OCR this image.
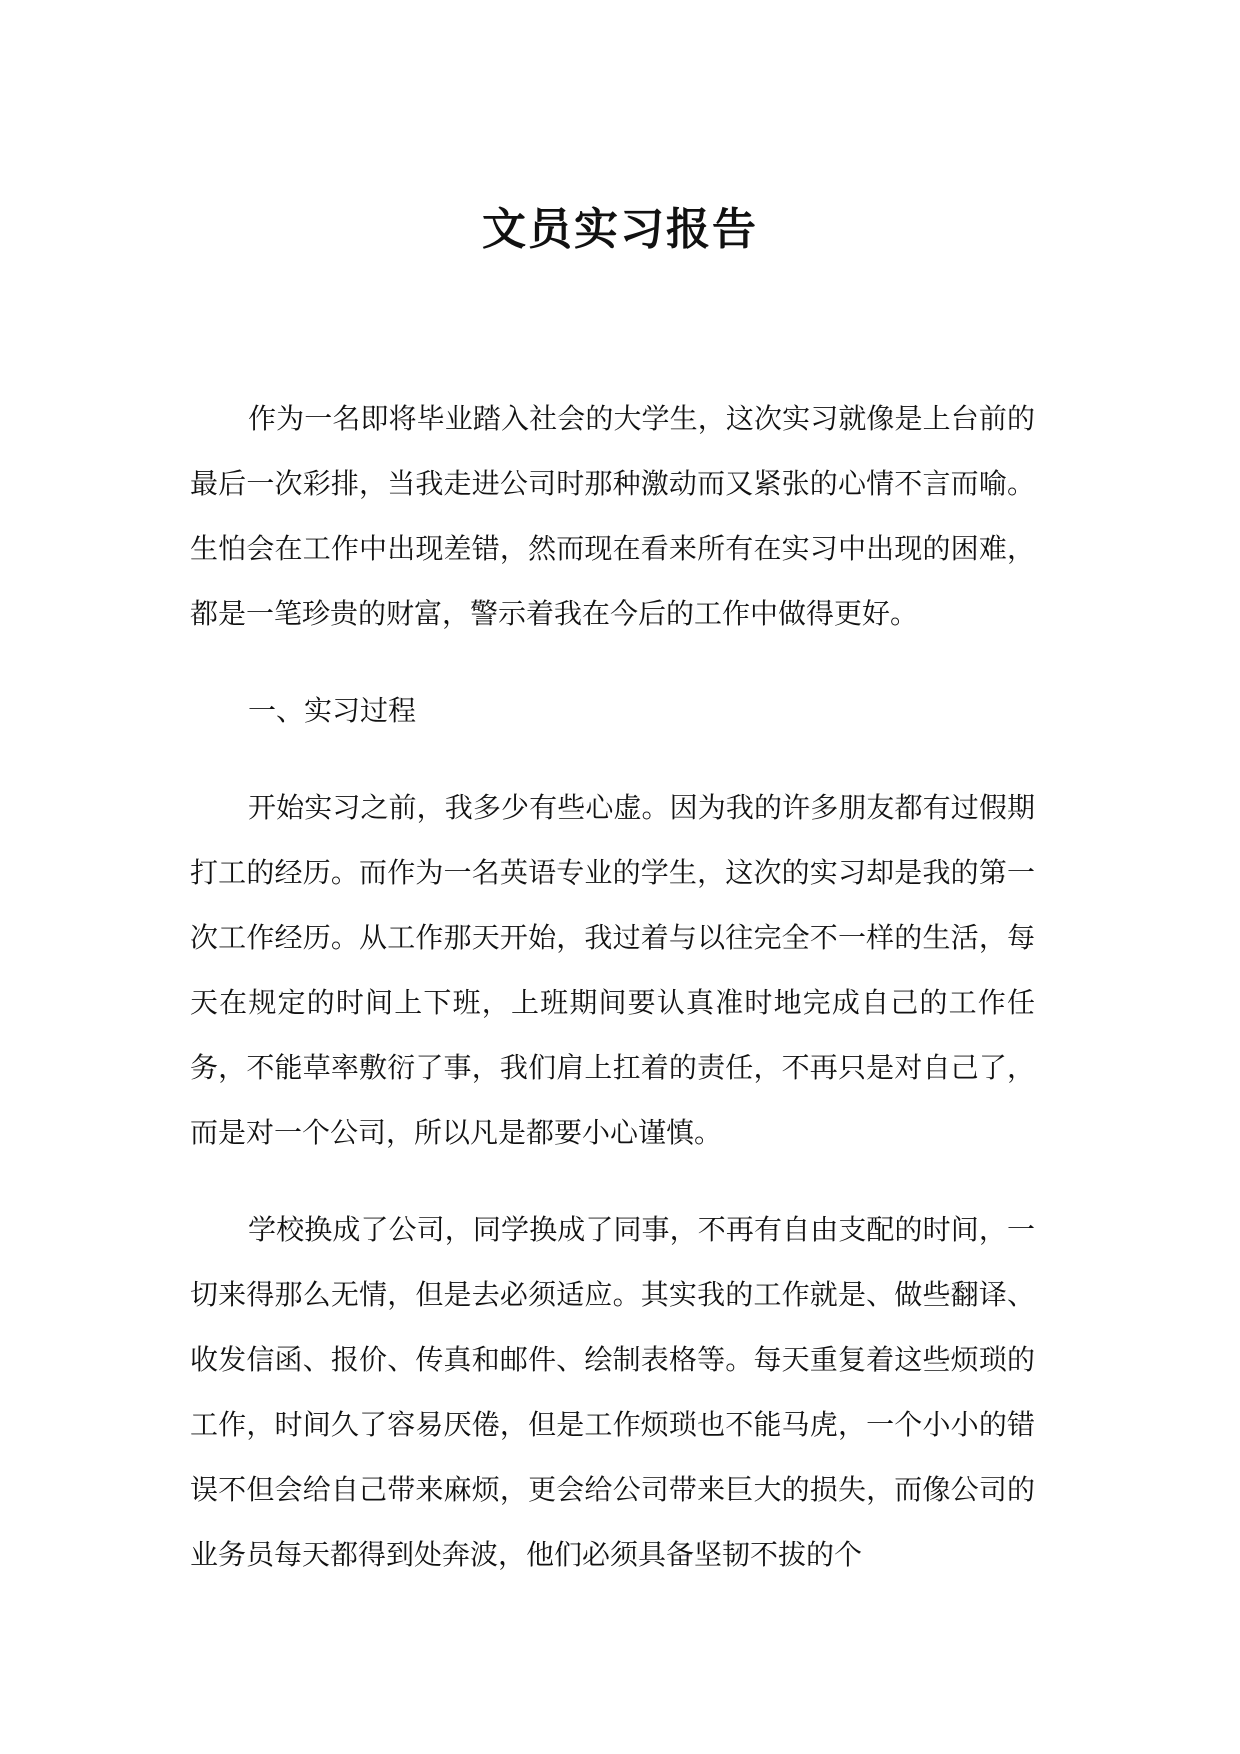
文员实习报告

作为一名即将毕业踏入社会的大学生，这次实习就像是上台前的最后一次彩排，当我走进公司时那种激动而又紧张的心情不言而喻。生怕会在工作中出现差错，然而现在看来所有在实习中出现的困难，都是一笔珍贵的财富，警示着我在今后的工作中做得更好。

一、实习过程

开始实习之前，我多少有些心虚。因为我的许多朋友都有过假期打工的经历。而作为一名英语专业的学生，这次的实习却是我的第一次工作经历。从工作那天开始，我过着与以往完全不一样的生活，每天在规定的时间上下班，上班期间要认真准时地完成自己的工作任务，不能草率敷衍了事，我们肩上扛着的责任，不再只是对自己了，而是对一个公司，所以凡是都要小心谨慎。

学校换成了公司，同学换成了同事，不再有自由支配的时间，一切来得那么无情，但是去必须适应。其实我的工作就是、做些翻译、收发信函、报价、传真和邮件、绘制表格等。每天重复着这些烦琐的工作，时间久了容易厌倦，但是工作烦琐也不能马虎，一个小小的错误不但会给自己带来麻烦，更会给公司带来巨大的损失，而像公司的业务员每天都得到处奔波，他们必须具备坚韧不拔的个
